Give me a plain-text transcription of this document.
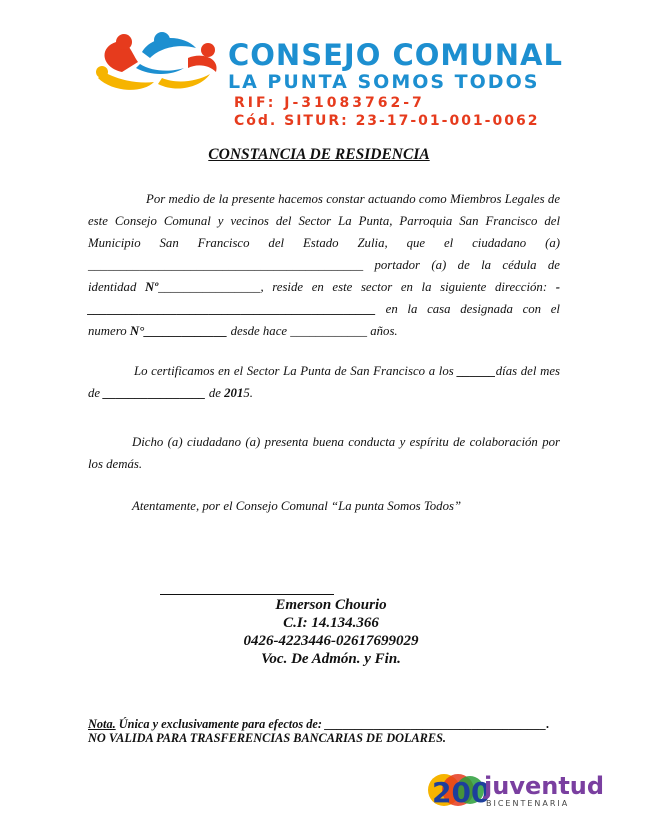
CONSEJO COMUNAL
LA PUNTA SOMOS TODOS
RIF: J-31083762-7
Cód. SITUR: 23-17-01-001-0062
CONSTANCIA DE RESIDENCIA
Por medio de la presente hacemos constar actuando como Miembros Legales de este Consejo Comunal y vecinos del Sector La Punta, Parroquia San Francisco del Municipio San Francisco del Estado Zulia, que el ciudadano (a) ___________________________________________ portador (a) de la cédula de identidad Nº________________, reside en este sector en la siguiente dirección: -_____________________________________________ en la casa designada con el numero N°_____________ desde hace ____________ años.
Lo certificamos en el Sector La Punta de San Francisco a los ______días del mes de ________________ de 2015.
Dicho (a) ciudadano (a) presenta buena conducta y espíritu de colaboración por los demás.
Atentamente, por el Consejo Comunal “La punta Somos Todos”
Emerson Chourio
C.I: 14.134.366
0426-4223446-02617699029
Voc. De Admón. y Fin.
Nota. Única y exclusivamente para efectos de: ____________________________________.
NO VALIDA PARA TRASFERENCIAS BANCARIAS DE DOLARES.
200
juventud
BICENTENARIA
